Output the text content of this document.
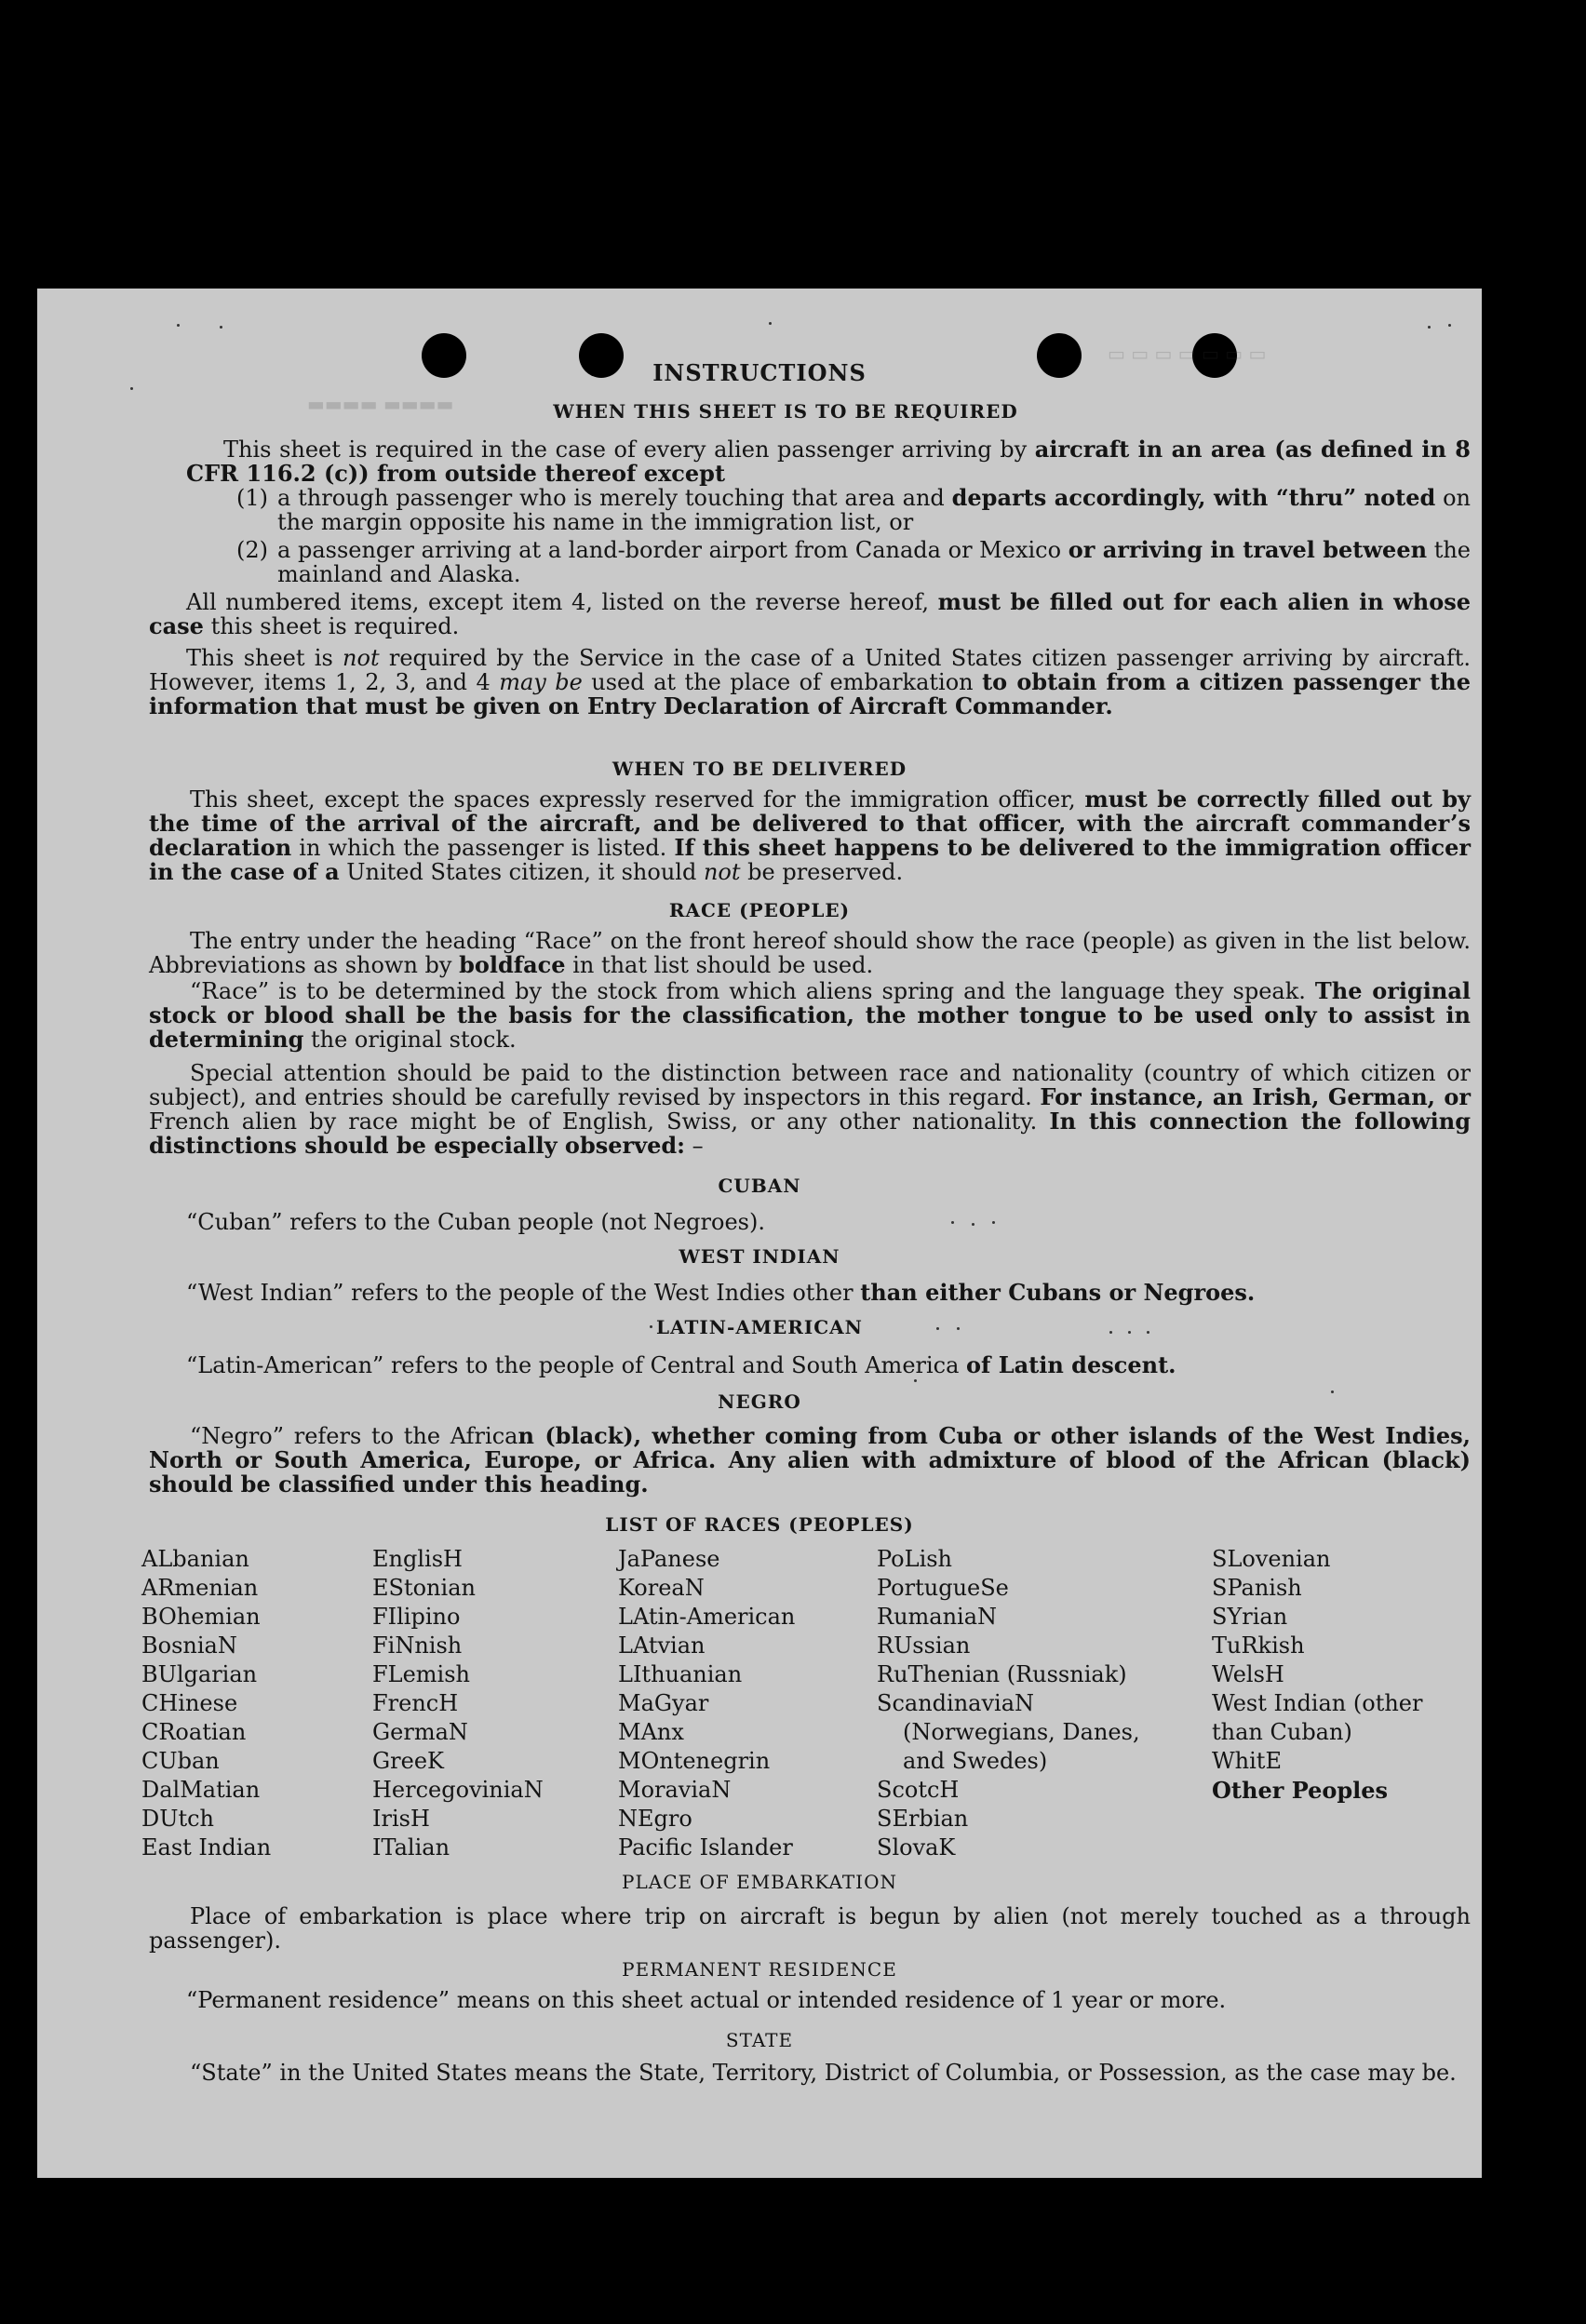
▭ ▭ ▭ ▭ ▭ ▭ ▭
▬▬▬▬ ▬▬▬▬
INSTRUCTIONS
WHEN THIS SHEET IS TO BE REQUIRED
This sheet is required in the case of every alien passenger arriving by aircraft in an area (as defined in 8 CFR 116.2 (c)) from outside thereof except
(1) a through passenger who is merely touching that area and departs accordingly, with “thru” noted on the margin opposite his name in the immigration list, or
(2) a passenger arriving at a land-border airport from Canada or Mexico or arriving in travel between the mainland and Alaska.
All numbered items, except item 4, listed on the reverse hereof, must be filled out for each alien in whose case this sheet is required.
This sheet is not required by the Service in the case of a United States citizen passenger arriving by aircraft. However, items 1, 2, 3, and 4 may be used at the place of embarkation to obtain from a citizen passenger the information that must be given on Entry Declaration of Aircraft Commander.
WHEN TO BE DELIVERED
This sheet, except the spaces expressly reserved for the immigration officer, must be correctly filled out by the time of the arrival of the aircraft, and be delivered to that officer, with the aircraft commander’s declaration in which the passenger is listed. If this sheet happens to be delivered to the immigration officer in the case of a United States citizen, it should not be preserved.
RACE (PEOPLE)
The entry under the heading “Race” on the front hereof should show the race (people) as given in the list below. Abbreviations as shown by boldface in that list should be used.
“Race” is to be determined by the stock from which aliens spring and the language they speak. The original stock or blood shall be the basis for the classification, the mother tongue to be used only to assist in determining the original stock.
Special attention should be paid to the distinction between race and nationality (country of which citizen or subject), and entries should be carefully revised by inspectors in this regard. For instance, an Irish, German, or French alien by race might be of English, Swiss, or any other nationality. In this connection the following distinctions should be especially observed: –
CUBAN
“Cuban” refers to the Cuban people (not Negroes).
WEST INDIAN
“West Indian” refers to the people of the West Indies other than either Cubans or Negroes.
LATIN-AMERICAN
“Latin-American” refers to the people of Central and South America of Latin descent.
NEGRO
“Negro” refers to the African (black), whether coming from Cuba or other islands of the West Indies, North or South America, Europe, or Africa. Any alien with admixture of blood of the African (black) should be classified under this heading.
LIST OF RACES (PEOPLES)
ALbanian
ARmenian
BOhemian
BosniaN
BUlgarian
CHinese
CRoatian
CUban
DalMatian
DUtch
East Indian
EnglisH
EStonian
FIlipino
FiNnish
FLemish
FrencH
GermaN
GreeK
HercegoviniaN
IrisH
ITalian
JaPanese
KoreaN
LAtin-American
LAtvian
LIthuanian
MaGyar
MAnx
MOntenegrin
MoraviaN
NEgro
Pacific Islander
PoLish
PortugueSe
RumaniaN
RUssian
RuThenian (Russniak)
ScandinaviaN (Norwegians, Danes, and Swedes)
ScotcH
SErbian
SlovaK
SLovenian
SPanish
SYrian
TuRkish
WelsH
West Indian (other than Cuban)
WhitE
Other Peoples
PLACE OF EMBARKATION
Place of embarkation is place where trip on aircraft is begun by alien (not merely touched as a through passenger).
PERMANENT RESIDENCE
“Permanent residence” means on this sheet actual or intended residence of 1 year or more.
STATE
“State” in the United States means the State, Territory, District of Columbia, or Possession, as the case may be.
